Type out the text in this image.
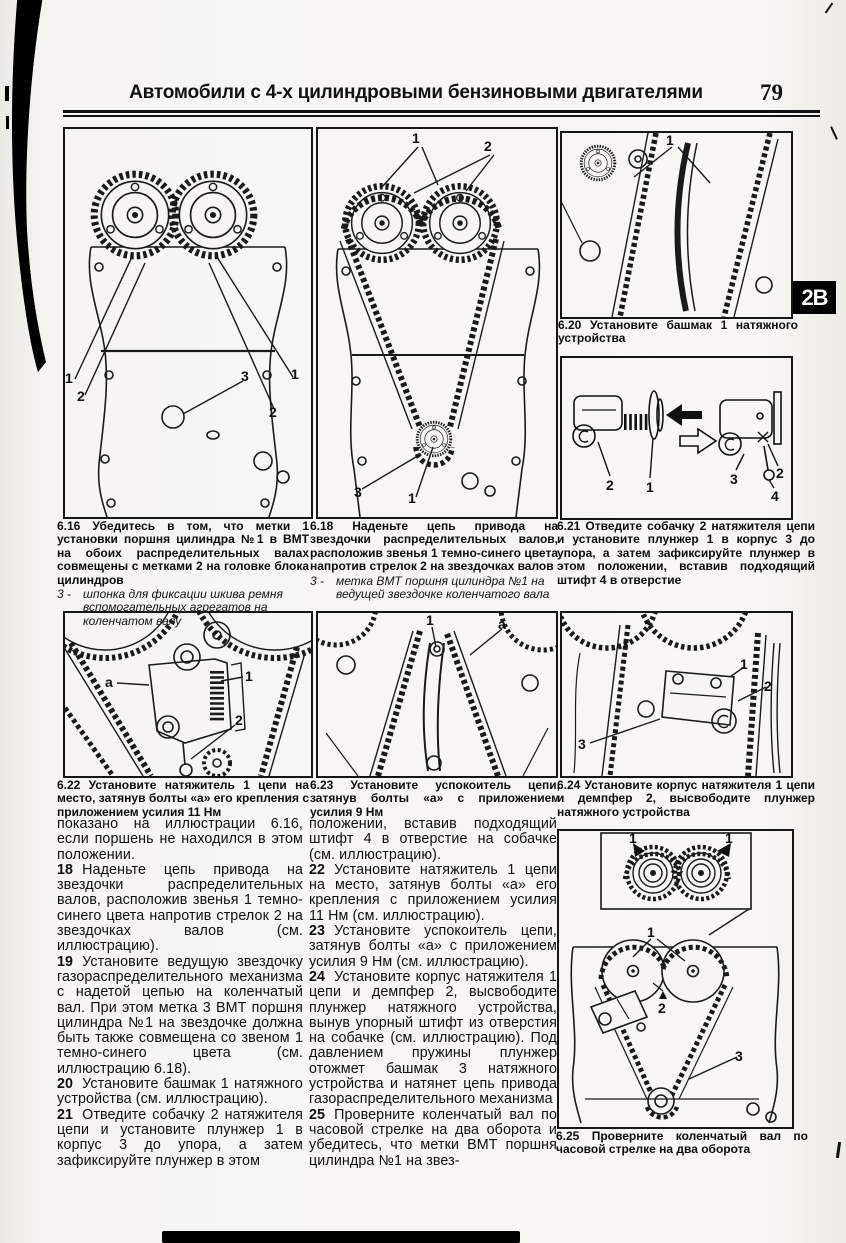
Автомобили с 4-х цилиндровыми бензиновыми двигателями	79
2B
1
2
1
2
3
1	2
3	1
1
6.20 Установите башмак 1 натяжного устройства
2 1	3	2
4
6.16 Убедитесь в том, что метки 1 установки поршня цилиндра №1 в ВМТ на обоих распределительных валах совмещены с метками 2 на головке блока цилиндров
3 - шпонка для фиксации шкива ремня вспомогательных агрегатов на коленчатом валу
6.18 Наденьте цепь привода на звездочки распределительных валов, расположив звенья 1 темно-синего цвета напротив стрелок 2 на звездочках валов
3 - метка ВМТ поршня цилиндра №1 на ведущей звездочке коленчатого вала
6.21 Отведите собачку 2 натяжителя цепи и установите плунжер 1 в корпус 3 до упора, а затем зафиксируйте плунжер в этом положении, вставив подходящий штифт 4 в отверстие
a	1
2
1	a
1
2
3
6.22 Установите натяжитель 1 цепи на место, затянув болты «а» его крепления с приложением усилия 11 Нм
6.23 Установите успокоитель цепи, затянув болты «а» с приложением усилия 9 Нм
6.24 Установите корпус натяжителя 1 цепи и демпфер 2, высвободите плунжер натяжного устройства
1	1
1
2
3
6.25 Проверните коленчатый вал по часовой стрелке на два оборота

показано на иллюстрации 6.16, если поршень не находился в этом положении.

18 Наденьте цепь привода на звездочки распределительных валов, расположив звенья 1 темно-синего цвета напротив стрелок 2 на звездочках валов (см. иллюстрацию).

19 Установите ведущую звездочку газораспределительного механизма с надетой цепью на коленчатый вал. При этом метка 3 ВМТ поршня цилиндра №1 на звездочке должна быть также совмещена со звеном 1 темно-синего цвета (см. иллюстрацию 6.18).

20 Установите башмак 1 натяжного устройства (см. иллюстрацию).

21 Отведите собачку 2 натяжителя цепи и установите плунжер 1 в корпус 3 до упора, а затем зафиксируйте плунжер в этом

положении, вставив подходящий штифт 4 в отверстие на собачке (см. иллюстрацию).

22 Установите натяжитель 1 цепи на место, затянув болты «а» его крепления с приложением усилия 11 Нм (см. иллюстрацию).

23 Установите успокоитель цепи, затянув болты «а» с приложением усилия 9 Нм (см. иллюстрацию).

24 Установите корпус натяжителя 1 цепи и демпфер 2, высвободите плунжер натяжного устройства, вынув упорный штифт из отверстия на собачке (см. иллюстрацию). Под давлением пружины плунжер отожмет башмак 3 натяжного устройства и натянет цепь привода газораспределительного механизма

25 Проверните коленчатый вал по часовой стрелке на два оборота и убедитесь, что метки ВМТ поршня цилиндра №1 на звез-
